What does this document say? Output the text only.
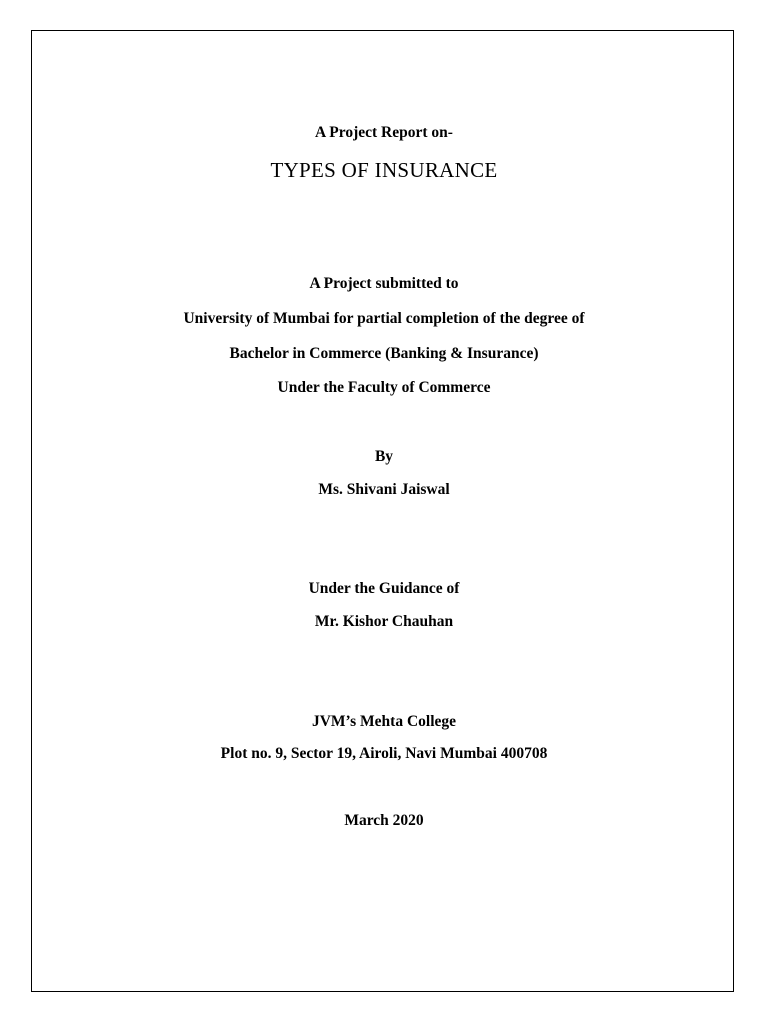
A Project Report on-
TYPES OF INSURANCE
A Project submitted to
University of Mumbai for partial completion of the degree of
Bachelor in Commerce (Banking & Insurance)
Under the Faculty of Commerce
By
Ms. Shivani Jaiswal
Under the Guidance of
Mr. Kishor Chauhan
JVM’s Mehta College
Plot no. 9, Sector 19, Airoli, Navi Mumbai 400708
March 2020
